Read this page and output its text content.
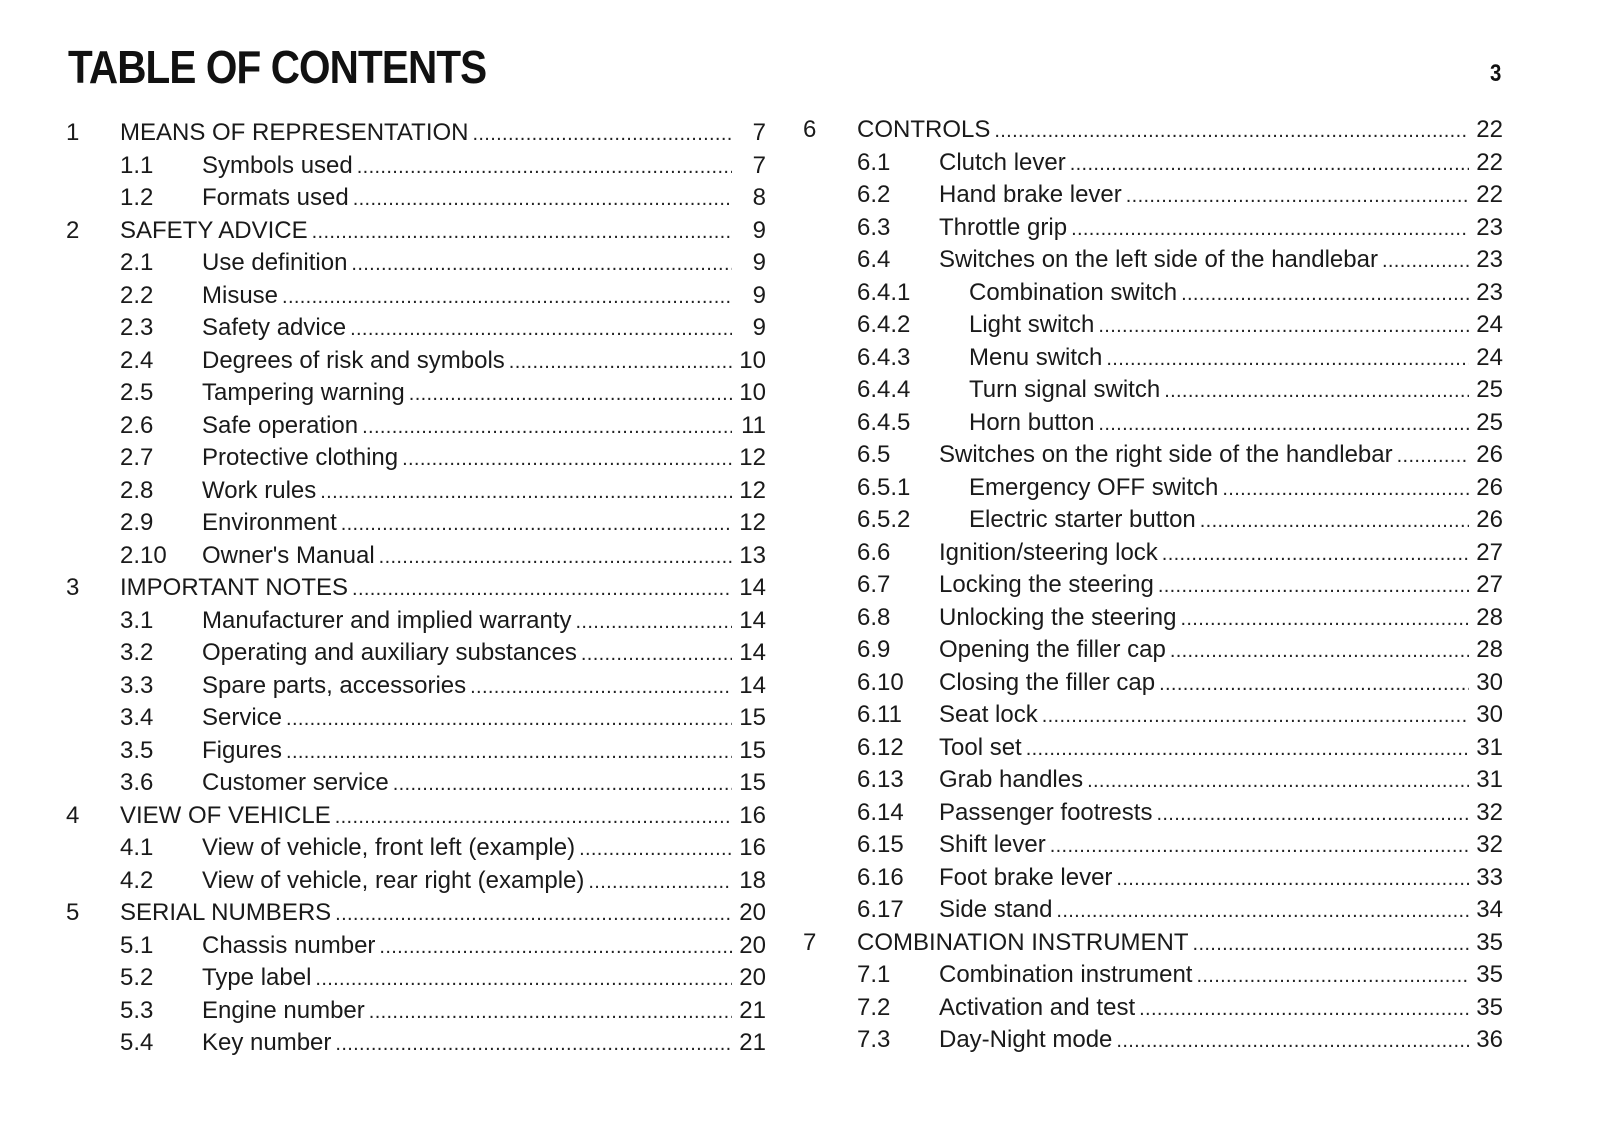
TABLE OF CONTENTS	3
1	MEANS OF REPRESENTATION . . .	7
1.1	Symbols used . . .	7
1.2	Formats used . . .	8
2	SAFETY ADVICE . . .	9
2.1	Use definition . . .	9
2.2	Misuse . . .	9
2.3	Safety advice . . .	9
2.4	Degrees of risk and symbols . . .	10
2.5	Tampering warning . . .	10
2.6	Safe operation . . .	11
2.7	Protective clothing . . .	12
2.8	Work rules . . .	12
2.9	Environment . . .	12
2.10	Owner's Manual . . .	13
3	IMPORTANT NOTES . . .	14
3.1	Manufacturer and implied warranty . . .	14
3.2	Operating and auxiliary substances . . .	14
3.3	Spare parts, accessories . . .	14
3.4	Service . . .	15
3.5	Figures . . .	15
3.6	Customer service . . .	15
4	VIEW OF VEHICLE . . .	16
4.1	View of vehicle, front left (example) . . .	16
4.2	View of vehicle, rear right (example) . . .	18
5	SERIAL NUMBERS . . .	20
5.1	Chassis number . . .	20
5.2	Type label . . .	20
5.3	Engine number . . .	21
5.4	Key number . . .	21
6	CONTROLS . . .	22
6.1	Clutch lever . . .	22
6.2	Hand brake lever . . .	22
6.3	Throttle grip . . .	23
6.4	Switches on the left side of the handlebar . . .	23
6.4.1	Combination switch . . .	23
6.4.2	Light switch . . .	24
6.4.3	Menu switch . . .	24
6.4.4	Turn signal switch . . .	25
6.4.5	Horn button . . .	25
6.5	Switches on the right side of the handlebar . . .	26
6.5.1	Emergency OFF switch . . .	26
6.5.2	Electric starter button . . .	26
6.6	Ignition/steering lock . . .	27
6.7	Locking the steering . . .	27
6.8	Unlocking the steering . . .	28
6.9	Opening the filler cap . . .	28
6.10	Closing the filler cap . . .	30
6.11	Seat lock . . .	30
6.12	Tool set . . .	31
6.13	Grab handles . . .	31
6.14	Passenger footrests . . .	32
6.15	Shift lever . . .	32
6.16	Foot brake lever . . .	33
6.17	Side stand . . .	34
7	COMBINATION INSTRUMENT . . .	35
7.1	Combination instrument . . .	35
7.2	Activation and test . . .	35
7.3	Day-Night mode . . .	36
